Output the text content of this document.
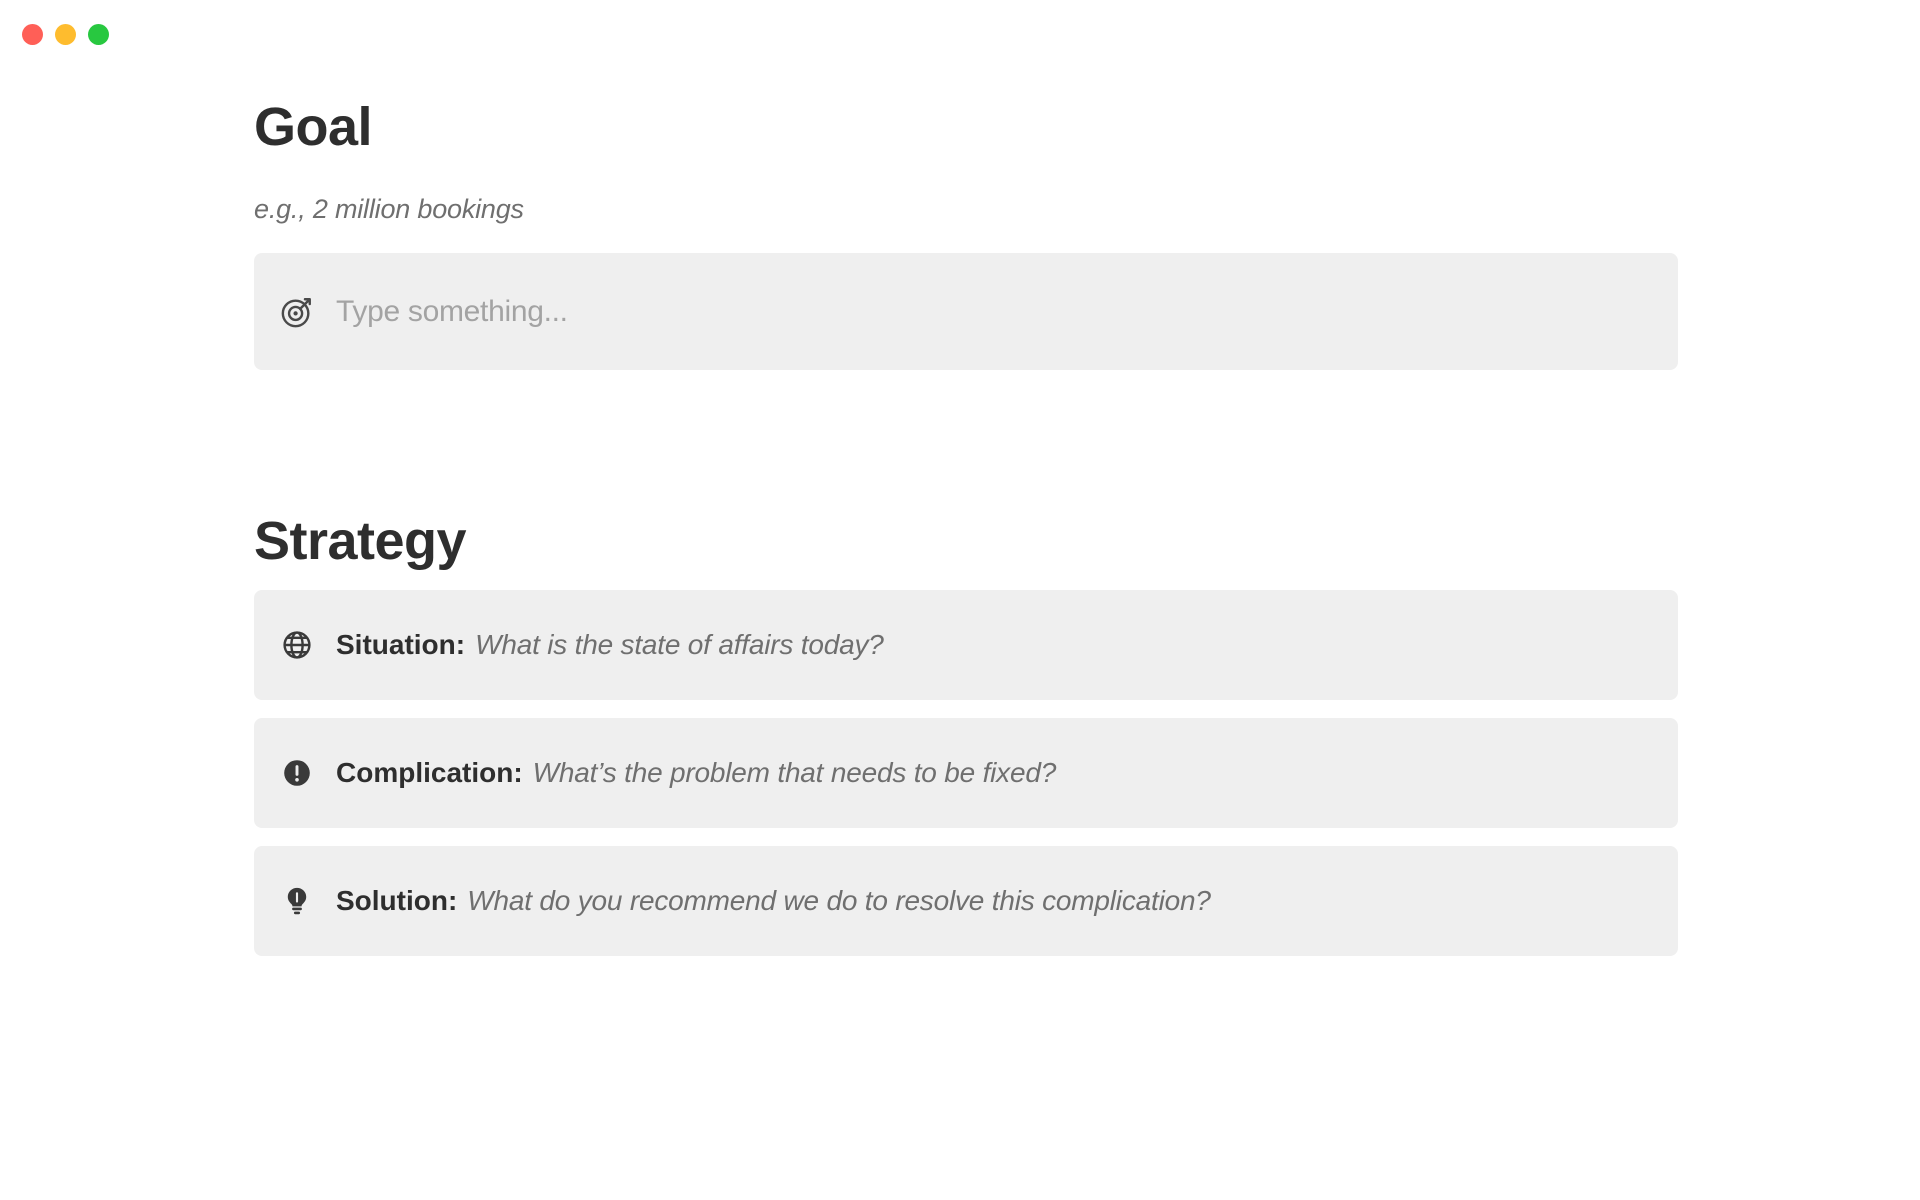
Goal

e.g., 2 million bookings

Type something...
Strategy
Situation: What is the state of affairs today?
Complication: What’s the problem that needs to be fixed?
Solution: What do you recommend we do to resolve this complication?
